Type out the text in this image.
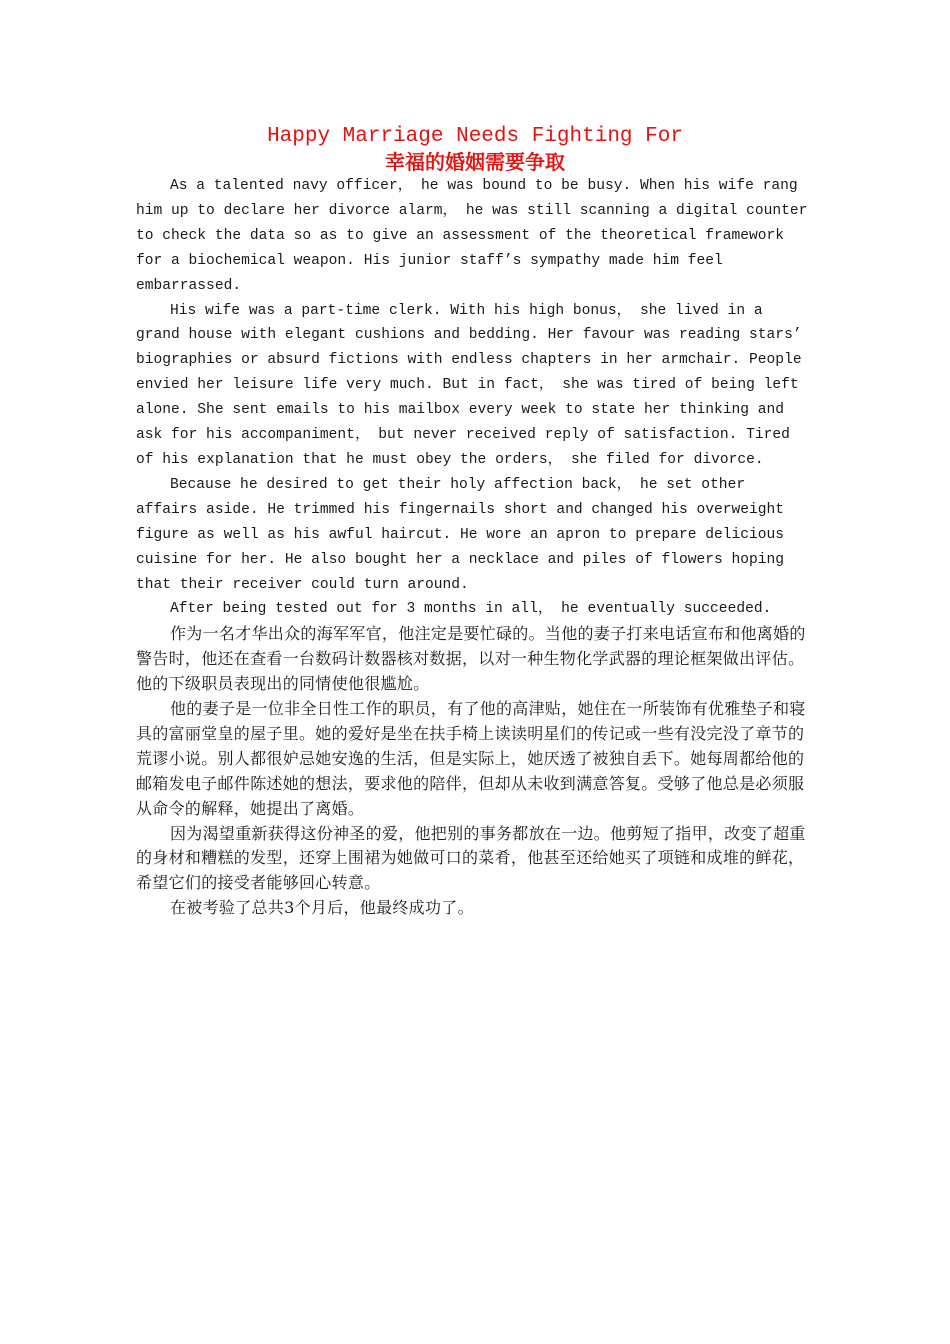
Happy Marriage Needs Fighting For
幸福的婚姻需要争取

As a talented navy officer， he was bound to be busy. When his wife rang him up to declare her divorce alarm， he was still scanning a digital counter to check the data so as to give an assessment of the theoretical framework for a biochemical weapon. His junior staff’s sympathy made him feel embarrassed.

His wife was a part-time clerk. With his high bonus， she lived in a grand house with elegant cushions and bedding. Her favour was reading stars’ biographies or absurd fictions with endless chapters in her armchair. People envied her leisure life very much. But in fact， she was tired of being left alone. She sent emails to his mailbox every week to state her thinking and ask for his accompaniment， but never received reply of satisfaction. Tired of his explanation that he must obey the orders， she filed for divorce.

Because he desired to get their holy affection back， he set other affairs aside. He trimmed his fingernails short and changed his overweight figure as well as his awful haircut. He wore an apron to prepare delicious cuisine for her. He also bought her a necklace and piles of flowers hoping that their receiver could turn around.

After being tested out for 3 months in all， he eventually succeeded.

作为一名才华出众的海军军官，他注定是要忙碌的。当他的妻子打来电话宣布和他离婚的警告时，他还在查看一台数码计数器核对数据，以对一种生物化学武器的理论框架做出评估。他的下级职员表现出的同情使他很尴尬。

他的妻子是一位非全日性工作的职员，有了他的高津贴，她住在一所装饰有优雅垫子和寝具的富丽堂皇的屋子里。她的爱好是坐在扶手椅上读读明星们的传记或一些有没完没了章节的荒谬小说。别人都很妒忌她安逸的生活，但是实际上，她厌透了被独自丢下。她每周都给他的邮箱发电子邮件陈述她的想法，要求他的陪伴，但却从未收到满意答复。受够了他总是必须服从命令的解释，她提出了离婚。

因为渴望重新获得这份神圣的爱，他把别的事务都放在一边。他剪短了指甲，改变了超重的身材和糟糕的发型，还穿上围裙为她做可口的菜肴，他甚至还给她买了项链和成堆的鲜花，希望它们的接受者能够回心转意。

在被考验了总共3个月后，他最终成功了。
